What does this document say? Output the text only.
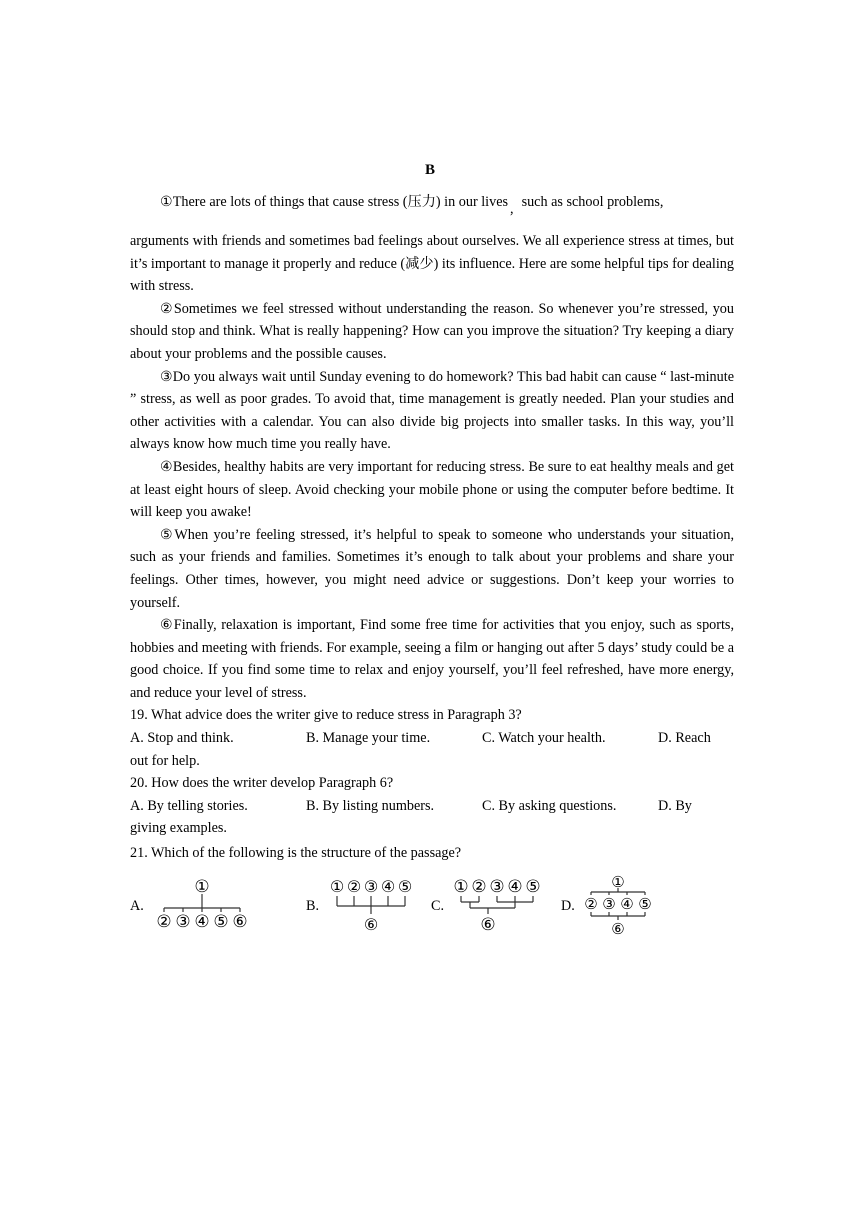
B
①There are lots of things that cause stress (压力) in our lives , such as school problems,

arguments with friends and sometimes bad feelings about ourselves. We all experience stress at times, but it’s important to manage it properly and reduce (减少) its influence. Here are some helpful tips for dealing with stress.

②Sometimes we feel stressed without understanding the reason. So whenever you’re stressed, you should stop and think. What is really happening? How can you improve the situation? Try keeping a diary about your problems and the possible causes.

③Do you always wait until Sunday evening to do homework? This bad habit can cause “ last-minute ” stress, as well as poor grades. To avoid that, time management is greatly needed. Plan your studies and other activities with a calendar. You can also divide big projects into smaller tasks. In this way, you’ll always know how much time you really have.

④Besides, healthy habits are very important for reducing stress. Be sure to eat healthy meals and get at least eight hours of sleep. Avoid checking your mobile phone or using the computer before bedtime. It will keep you awake!

⑤When you’re feeling stressed, it’s helpful to speak to someone who understands your situation, such as your friends and families. Sometimes it’s enough to talk about your problems and share your feelings. Other times, however, you might need advice or suggestions. Don’t keep your worries to yourself.

⑥Finally, relaxation is important, Find some free time for activities that you enjoy, such as sports, hobbies and meeting with friends. For example, seeing a film or hanging out after 5 days’ study could be a good choice. If you find some time to relax and enjoy yourself, you’ll feel refreshed, have more energy, and reduce your level of stress.

19. What advice does the writer give to reduce stress in Paragraph 3?

A. Stop and think.	B. Manage your time.	C. Watch your health.	D. Reach

out for help.

20. How does the writer develop Paragraph 6?

A. By telling stories.	B. By listing numbers.	C. By asking questions.	D. By

giving examples.

21. Which of the following is the structure of the passage?
A.	B.	C.	D.
①
② ③ ④ ⑤ ⑥
① ② ③ ④ ⑤
⑥
① ② ③ ④ ⑤
⑥
①
② ③ ④ ⑤
⑥
